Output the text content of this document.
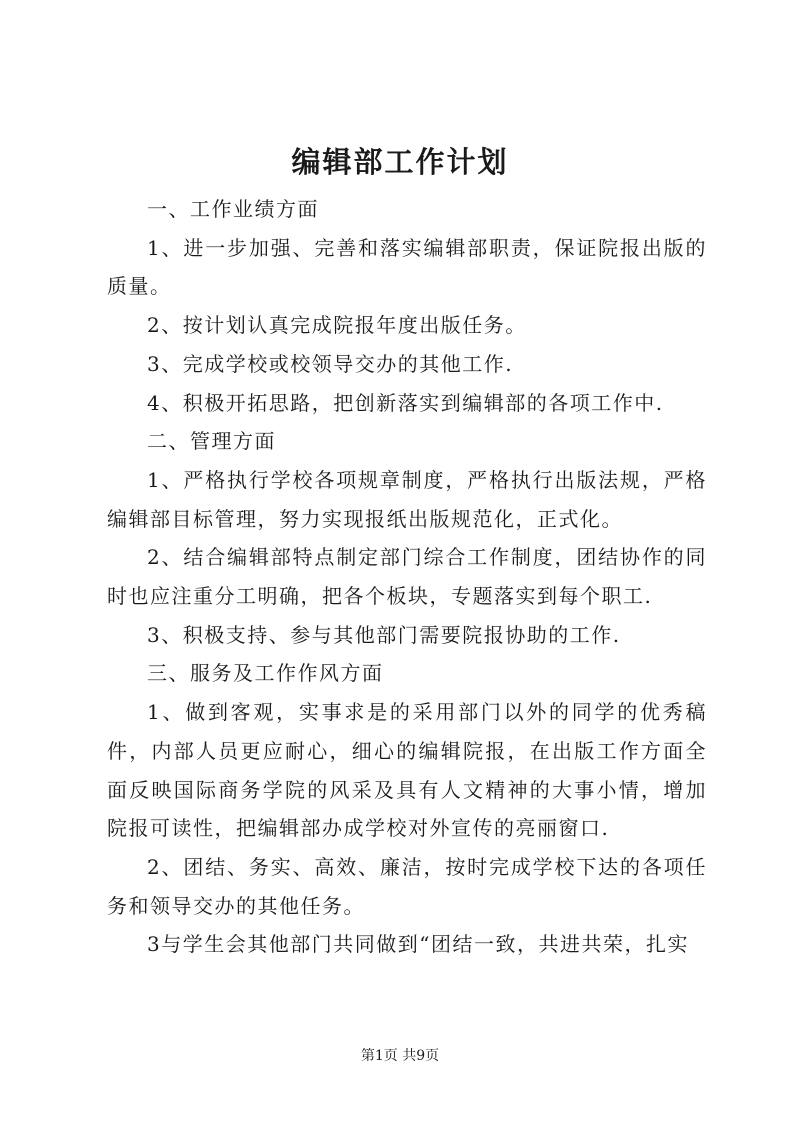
编辑部工作计划

一、工作业绩方面

1、进一步加强、完善和落实编辑部职责，保证院报出版的质量。

2、按计划认真完成院报年度出版任务。

3、完成学校或校领导交办的其他工作.

4、积极开拓思路，把创新落实到编辑部的各项工作中.

二、管理方面

1、严格执行学校各项规章制度，严格执行出版法规，严格编辑部目标管理，努力实现报纸出版规范化，正式化。

2、结合编辑部特点制定部门综合工作制度，团结协作的同时也应注重分工明确，把各个板块，专题落实到每个职工.

3、积极支持、参与其他部门需要院报协助的工作.

三、服务及工作作风方面

1、做到客观，实事求是的采用部门以外的同学的优秀稿件，内部人员更应耐心，细心的编辑院报，在出版工作方面全面反映国际商务学院的风采及具有人文精神的大事小情，增加院报可读性，把编辑部办成学校对外宣传的亮丽窗口.

2、团结、务实、高效、廉洁，按时完成学校下达的各项任务和领导交办的其他任务。

3与学生会其他部门共同做到“团结一致，共进共荣，扎实

第1页 共9页
